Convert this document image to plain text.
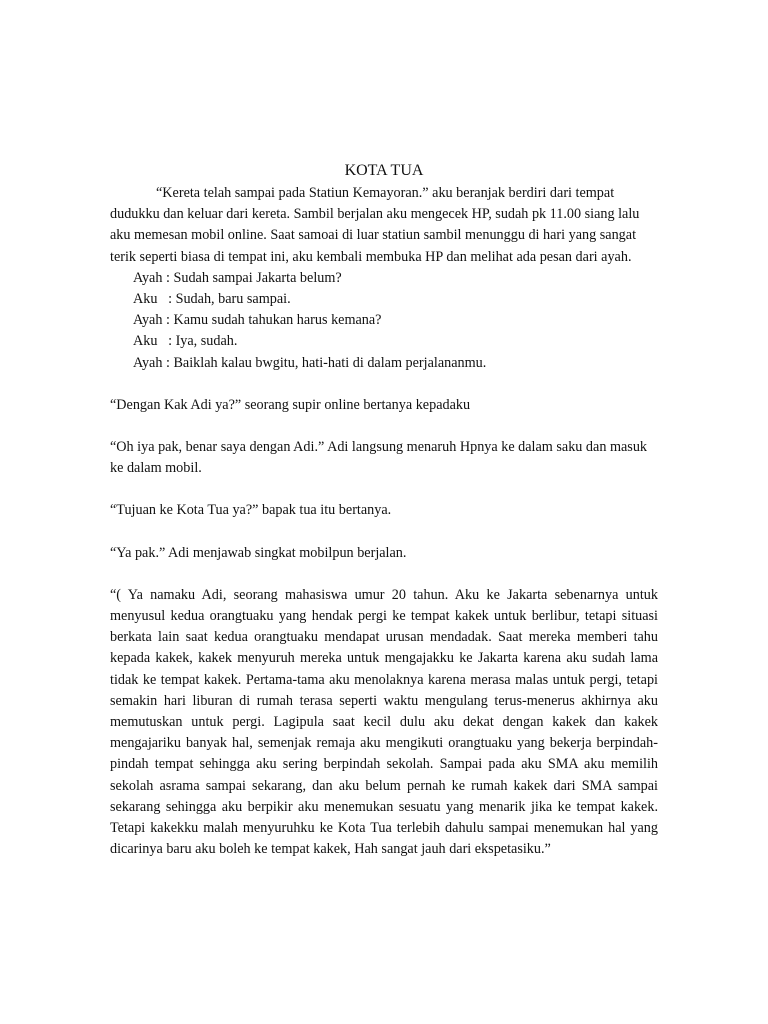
KOTA TUA

“Kereta telah sampai pada Statiun Kemayoran.” aku beranjak berdiri dari tempat dudukku dan keluar dari kereta. Sambil berjalan aku mengecek HP, sudah pk 11.00 siang lalu aku memesan mobil online. Saat samoai di luar statiun sambil menunggu di hari yang sangat terik seperti biasa di tempat ini, aku kembali membuka HP dan melihat ada pesan dari ayah.

Ayah : Sudah sampai Jakarta belum?
Aku   : Sudah, baru sampai.
Ayah : Kamu sudah tahukan harus kemana?
Aku   : Iya, sudah.
Ayah : Baiklah kalau bwgitu, hati-hati di dalam perjalananmu.

“Dengan Kak Adi ya?” seorang supir online bertanya kepadaku

“Oh iya pak, benar saya dengan Adi.” Adi langsung menaruh Hpnya ke dalam saku dan masuk ke dalam mobil.

“Tujuan ke Kota Tua ya?” bapak tua itu bertanya.

“Ya pak.” Adi menjawab singkat mobilpun berjalan.

“( Ya namaku Adi, seorang mahasiswa umur 20 tahun. Aku ke Jakarta sebenarnya untuk menyusul kedua orangtuaku yang hendak pergi ke tempat kakek untuk berlibur, tetapi situasi berkata lain saat kedua orangtuaku mendapat urusan mendadak. Saat mereka memberi tahu kepada kakek, kakek menyuruh mereka untuk mengajakku ke Jakarta karena aku sudah lama tidak ke tempat kakek. Pertama-tama aku menolaknya karena merasa malas untuk pergi, tetapi semakin hari liburan di rumah terasa seperti waktu mengulang terus-menerus akhirnya aku memutuskan untuk pergi. Lagipula saat kecil dulu aku dekat dengan kakek dan kakek mengajariku banyak hal, semenjak remaja aku mengikuti orangtuaku yang bekerja berpindah-pindah tempat sehingga aku sering berpindah sekolah. Sampai pada aku SMA aku memilih sekolah asrama sampai sekarang, dan aku belum pernah ke rumah kakek dari SMA sampai sekarang sehingga aku berpikir aku menemukan sesuatu yang menarik jika ke tempat kakek. Tetapi kakekku malah menyuruhku ke Kota Tua terlebih dahulu sampai menemukan hal yang dicarinya baru aku boleh ke tempat kakek, Hah sangat jauh dari ekspetasiku.”
